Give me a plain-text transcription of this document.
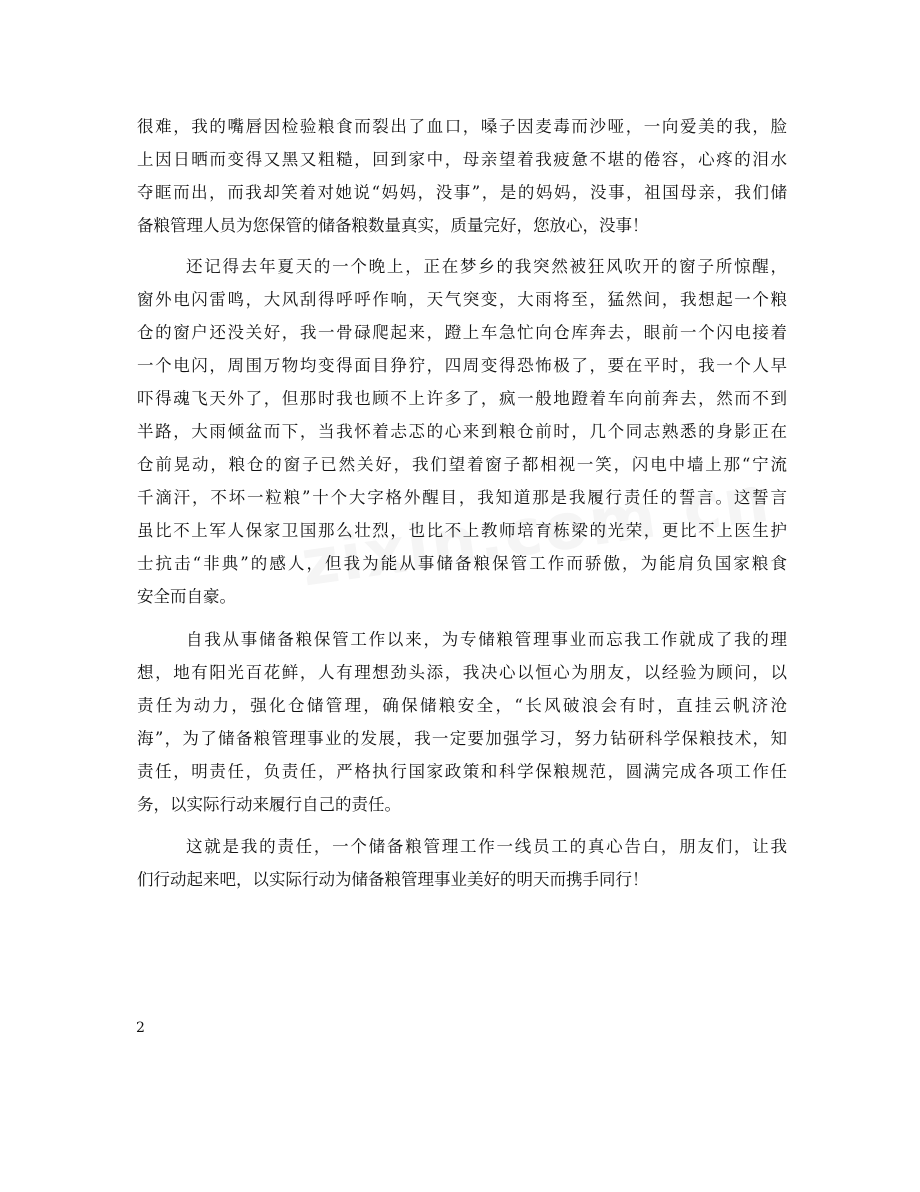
很难，我的嘴唇因检验粮食而裂出了血口，嗓子因麦毒而沙哑，一向爱美的我，脸
上因日晒而变得又黑又粗糙，回到家中，母亲望着我疲惫不堪的倦容，心疼的泪水
夺眶而出，而我却笑着对她说“妈妈，没事”，是的妈妈，没事，祖国母亲，我们储
备粮管理人员为您保管的储备粮数量真实，质量完好，您放心，没事！
还记得去年夏天的一个晚上，正在梦乡的我突然被狂风吹开的窗子所惊醒，
窗外电闪雷鸣，大风刮得呼呼作响，天气突变，大雨将至，猛然间，我想起一个粮
仓的窗户还没关好，我一骨碌爬起来，蹬上车急忙向仓库奔去，眼前一个闪电接着
一个电闪，周围万物均变得面目狰狞，四周变得恐怖极了，要在平时，我一个人早
吓得魂飞天外了，但那时我也顾不上许多了，疯一般地蹬着车向前奔去，然而不到
半路，大雨倾盆而下，当我怀着忐忑的心来到粮仓前时，几个同志熟悉的身影正在
仓前晃动，粮仓的窗子已然关好，我们望着窗子都相视一笑，闪电中墙上那“宁流
千滴汗，不坏一粒粮”十个大字格外醒目，我知道那是我履行责任的誓言。这誓言
虽比不上军人保家卫国那么壮烈，也比不上教师培育栋梁的光荣，更比不上医生护
士抗击“非典”的感人，但我为能从事储备粮保管工作而骄傲，为能肩负国家粮食
安全而自豪。
自我从事储备粮保管工作以来，为专储粮管理事业而忘我工作就成了我的理
想，地有阳光百花鲜，人有理想劲头添，我决心以恒心为朋友，以经验为顾问，以
责任为动力，强化仓储管理，确保储粮安全，“长风破浪会有时，直挂云帆济沧
海”，为了储备粮管理事业的发展，我一定要加强学习，努力钻研科学保粮技术，知
责任，明责任，负责任，严格执行国家政策和科学保粮规范，圆满完成各项工作任
务，以实际行动来履行自己的责任。
这就是我的责任，一个储备粮管理工作一线员工的真心告白，朋友们，让我
们行动起来吧，以实际行动为储备粮管理事业美好的明天而携手同行！
2
